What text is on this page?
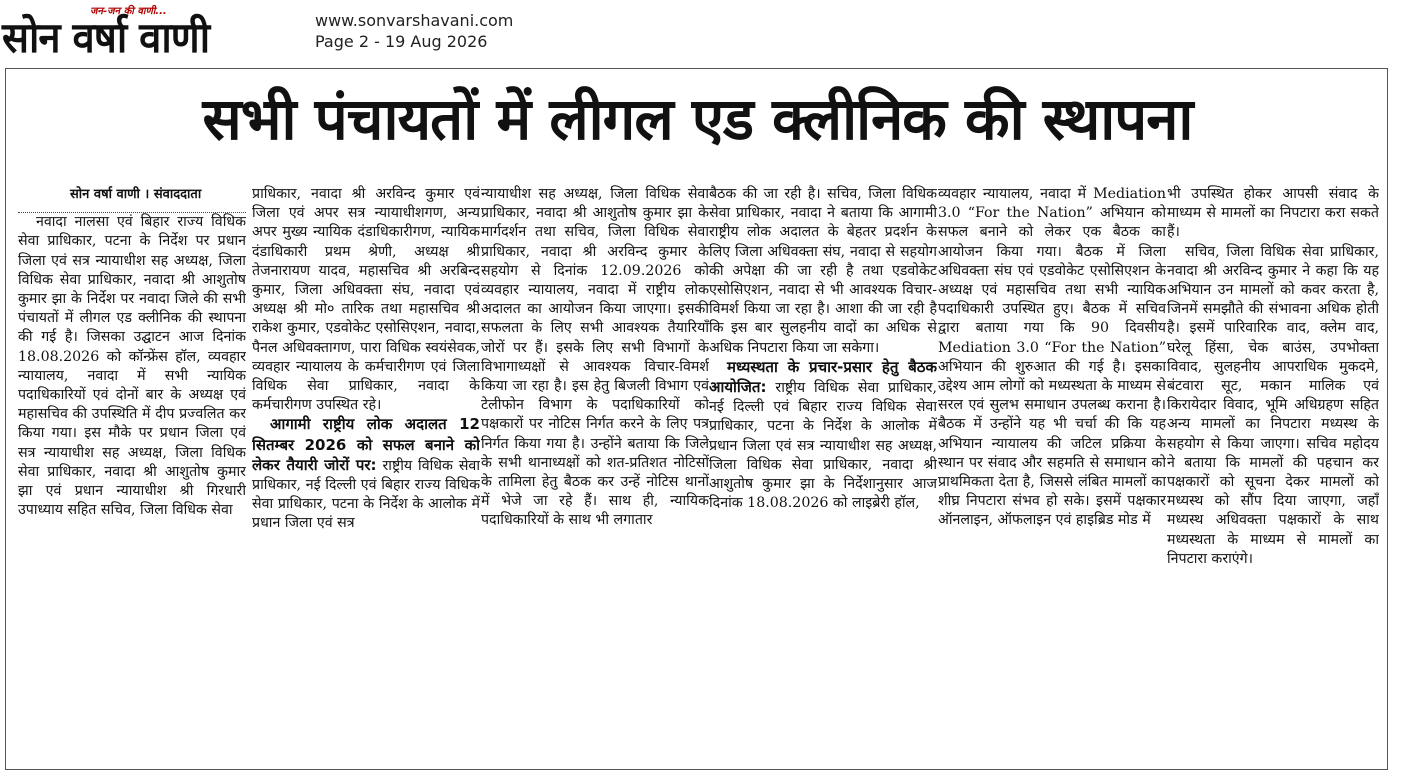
सोन वर्षा वाणी
जन-जन की वाणी...	www.sonvarshavani.com
Page 2 - 19 Aug 2026
सभी पंचायतों में लीगल एड क्लीनिक की स्थापना

सोन वर्षा वाणी । संवाददाता

नवादा नालसा एवं बिहार राज्य विधिक सेवा प्राधिकार, पटना के निर्देश पर प्रधान जिला एवं सत्र न्यायाधीश सह अध्यक्ष, जिला विधिक सेवा प्राधिकार, नवादा श्री आशुतोष कुमार झा के निर्देश पर नवादा जिले की सभी पंचायतों में लीगल एड क्लीनिक की स्थापना की गई है। जिसका उद्घाटन आज दिनांक 18.08.2026 को कॉन्फ्रेंस हॉल, व्यवहार न्यायालय, नवादा में सभी न्यायिक पदाधिकारियों एवं दोनों बार के अध्यक्ष एवं महासचिव की उपस्थिति में दीप प्रज्वलित कर किया गया। इस मौके पर प्रधान जिला एवं सत्र न्यायाधीश सह अध्यक्ष, जिला विधिक सेवा प्राधिकार, नवादा श्री आशुतोष कुमार झा एवं प्रधान न्यायाधीश श्री गिरधारी उपाध्याय सहित सचिव, जिला विधिक सेवा

प्राधिकार, नवादा श्री अरविन्द कुमार एवं जिला एवं अपर सत्र न्यायाधीशगण, अन्य अपर मुख्य न्यायिक दंडाधिकारीगण, न्यायिक दंडाधिकारी प्रथम श्रेणी, अध्यक्ष श्री तेजनारायण यादव, महासचिव श्री अरबिन्द कुमार, जिला अधिवक्ता संघ, नवादा एवं अध्यक्ष श्री मो० तारिक तथा महासचिव श्री राकेश कुमार, एडवोकेट एसोसिएशन, नवादा, पैनल अधिवक्तागण, पारा विधिक स्वयंसेवक, व्यवहार न्यायालय के कर्मचारीगण एवं जिला विधिक सेवा प्राधिकार, नवादा के कर्मचारीगण उपस्थित रहे।

आगामी राष्ट्रीय लोक अदालत 12 सितम्बर 2026 को सफल बनाने को लेकर तैयारी जोरों पर: राष्ट्रीय विधिक सेवा प्राधिकार, नई दिल्ली एवं बिहार राज्य विधिक सेवा प्राधिकार, पटना के निर्देश के आलोक में प्रधान जिला एवं सत्र

न्यायाधीश सह अध्यक्ष, जिला विधिक सेवा प्राधिकार, नवादा श्री आशुतोष कुमार झा के मार्गदर्शन तथा सचिव, जिला विधिक सेवा प्राधिकार, नवादा श्री अरविन्द कुमार के सहयोग से दिनांक 12.09.2026 को व्यवहार न्यायालय, नवादा में राष्ट्रीय लोक अदालत का आयोजन किया जाएगा। इसकी सफलता के लिए सभी आवश्यक तैयारियाँ जोरों पर हैं। इसके लिए सभी विभागों के विभागाध्यक्षों से आवश्यक विचार-विमर्श किया जा रहा है। इस हेतु बिजली विभाग एवं टेलीफोन विभाग के पदाधिकारियों को पक्षकारों पर नोटिस निर्गत करने के लिए पत्र निर्गत किया गया है। उन्होंने बताया कि जिले के सभी थानाध्यक्षों को शत-प्रतिशत नोटिसों के तामिला हेतु बैठक कर उन्हें नोटिस थानों में भेजे जा रहे हैं। साथ ही, न्यायिक पदाधिकारियों के साथ भी लगातार

बैठक की जा रही है। सचिव, जिला विधिक सेवा प्राधिकार, नवादा ने बताया कि आगामी राष्ट्रीय लोक अदालत के बेहतर प्रदर्शन के लिए जिला अधिवक्ता संघ, नवादा से सहयोग की अपेक्षा की जा रही है तथा एडवोकेट एसोसिएशन, नवादा से भी आवश्यक विचार-विमर्श किया जा रहा है। आशा की जा रही है कि इस बार सुलहनीय वादों का अधिक से अधिक निपटारा किया जा सकेगा।

मध्यस्थता के प्रचार-प्रसार हेतु बैठक आयोजित: राष्ट्रीय विधिक सेवा प्राधिकार, नई दिल्ली एवं बिहार राज्य विधिक सेवा प्राधिकार, पटना के निर्देश के आलोक में प्रधान जिला एवं सत्र न्यायाधीश सह अध्यक्ष, जिला विधिक सेवा प्राधिकार, नवादा श्री आशुतोष कुमार झा के निर्देशानुसार आज दिनांक 18.08.2026 को लाइब्रेरी हॉल,

व्यवहार न्यायालय, नवादा में Mediation 3.0 “For the Nation” अभियान को सफल बनाने को लेकर एक बैठक का आयोजन किया गया। बैठक में जिला अधिवक्ता संघ एवं एडवोकेट एसोसिएशन के अध्यक्ष एवं महासचिव तथा सभी न्यायिक पदाधिकारी उपस्थित हुए। बैठक में सचिव द्वारा बताया गया कि 90 दिवसीय Mediation 3.0 “For the Nation” अभियान की शुरुआत की गई है। इसका उद्देश्य आम लोगों को मध्यस्थता के माध्यम से सरल एवं सुलभ समाधान उपलब्ध कराना है। बैठक में उन्होंने यह भी चर्चा की कि यह अभियान न्यायालय की जटिल प्रक्रिया के स्थान पर संवाद और सहमति से समाधान को प्राथमिकता देता है, जिससे लंबित मामलों का शीघ्र निपटारा संभव हो सके। इसमें पक्षकार ऑनलाइन, ऑफलाइन एवं हाइब्रिड मोड में

भी उपस्थित होकर आपसी संवाद के माध्यम से मामलों का निपटारा करा सकते हैं।

सचिव, जिला विधिक सेवा प्राधिकार, नवादा श्री अरविन्द कुमार ने कहा कि यह अभियान उन मामलों को कवर करता है, जिनमें समझौते की संभावना अधिक होती है। इसमें पारिवारिक वाद, क्लेम वाद, घरेलू हिंसा, चेक बाउंस, उपभोक्ता विवाद, सुलहनीय आपराधिक मुकदमे, बंटवारा सूट, मकान मालिक एवं किरायेदार विवाद, भूमि अधिग्रहण सहित अन्य मामलों का निपटारा मध्यस्थ के सहयोग से किया जाएगा। सचिव महोदय ने बताया कि मामलों की पहचान कर पक्षकारों को सूचना देकर मामलों को मध्यस्थ को सौंप दिया जाएगा, जहाँ मध्यस्थ अधिवक्ता पक्षकारों के साथ मध्यस्थता के माध्यम से मामलों का निपटारा कराएंगे।
